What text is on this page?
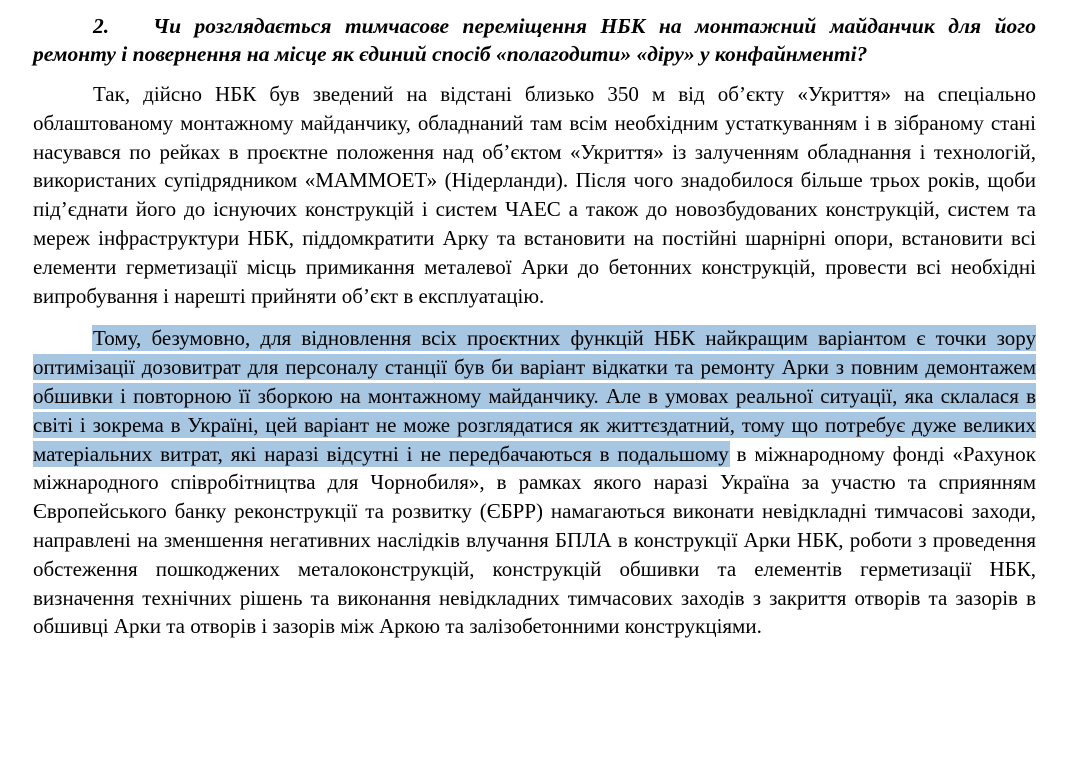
2. Чи розглядається тимчасове переміщення НБК на монтажний майданчик для його ремонту і повернення на місце як єдиний спосіб «полагодити» «діру» у конфайнменті?

Так, дійсно НБК був зведений на відстані близько 350 м від об’єкту «Укриття» на спеціально облаштованому монтажному майданчику, обладнаний там всім необхідним устаткуванням і в зібраному стані насувався по рейках в проєктне положення над об’єктом «Укриття» із залученням обладнання і технологій, використаних супідрядником «МАММОЕТ» (Нідерланди). Після чого знадобилося більше трьох років, щоби під’єднати його до існуючих конструкцій і систем ЧАЕС а також до новозбудованих конструкцій, систем та мереж інфраструктури НБК, піддомкратити Арку та встановити на постійні шарнірні опори, встановити всі елементи герметизації місць примикання металевої Арки до бетонних конструкцій, провести всі необхідні випробування і нарешті прийняти об’єкт в експлуатацію.

Тому, безумовно, для відновлення всіх проєктних функцій НБК найкращим варіантом є точки зору оптимізації дозовитрат для персоналу станції був би варіант відкатки та ремонту Арки з повним демонтажем обшивки і повторною її зборкою на монтажному майданчику. Але в умовах реальної ситуації, яка склалася в світі і зокрема в Україні, цей варіант не може розглядатися як життєздатний, тому що потребує дуже великих матеріальних витрат, які наразі відсутні і не передбачаються в подальшому в міжнародному фонді «Рахунок міжнародного співробітництва для Чорнобиля», в рамках якого наразі Україна за участю та сприянням Європейського банку реконструкції та розвитку (ЄБРР) намагаються виконати невідкладні тимчасові заходи, направлені на зменшення негативних наслідків влучання БПЛА в конструкції Арки НБК, роботи з проведення обстеження пошкоджених металоконструкцій, конструкцій обшивки та елементів герметизації НБК, визначення технічних рішень та виконання невідкладних тимчасових заходів з закриття отворів та зазорів в обшивці Арки та отворів і зазорів між Аркою та залізобетонними конструкціями.
